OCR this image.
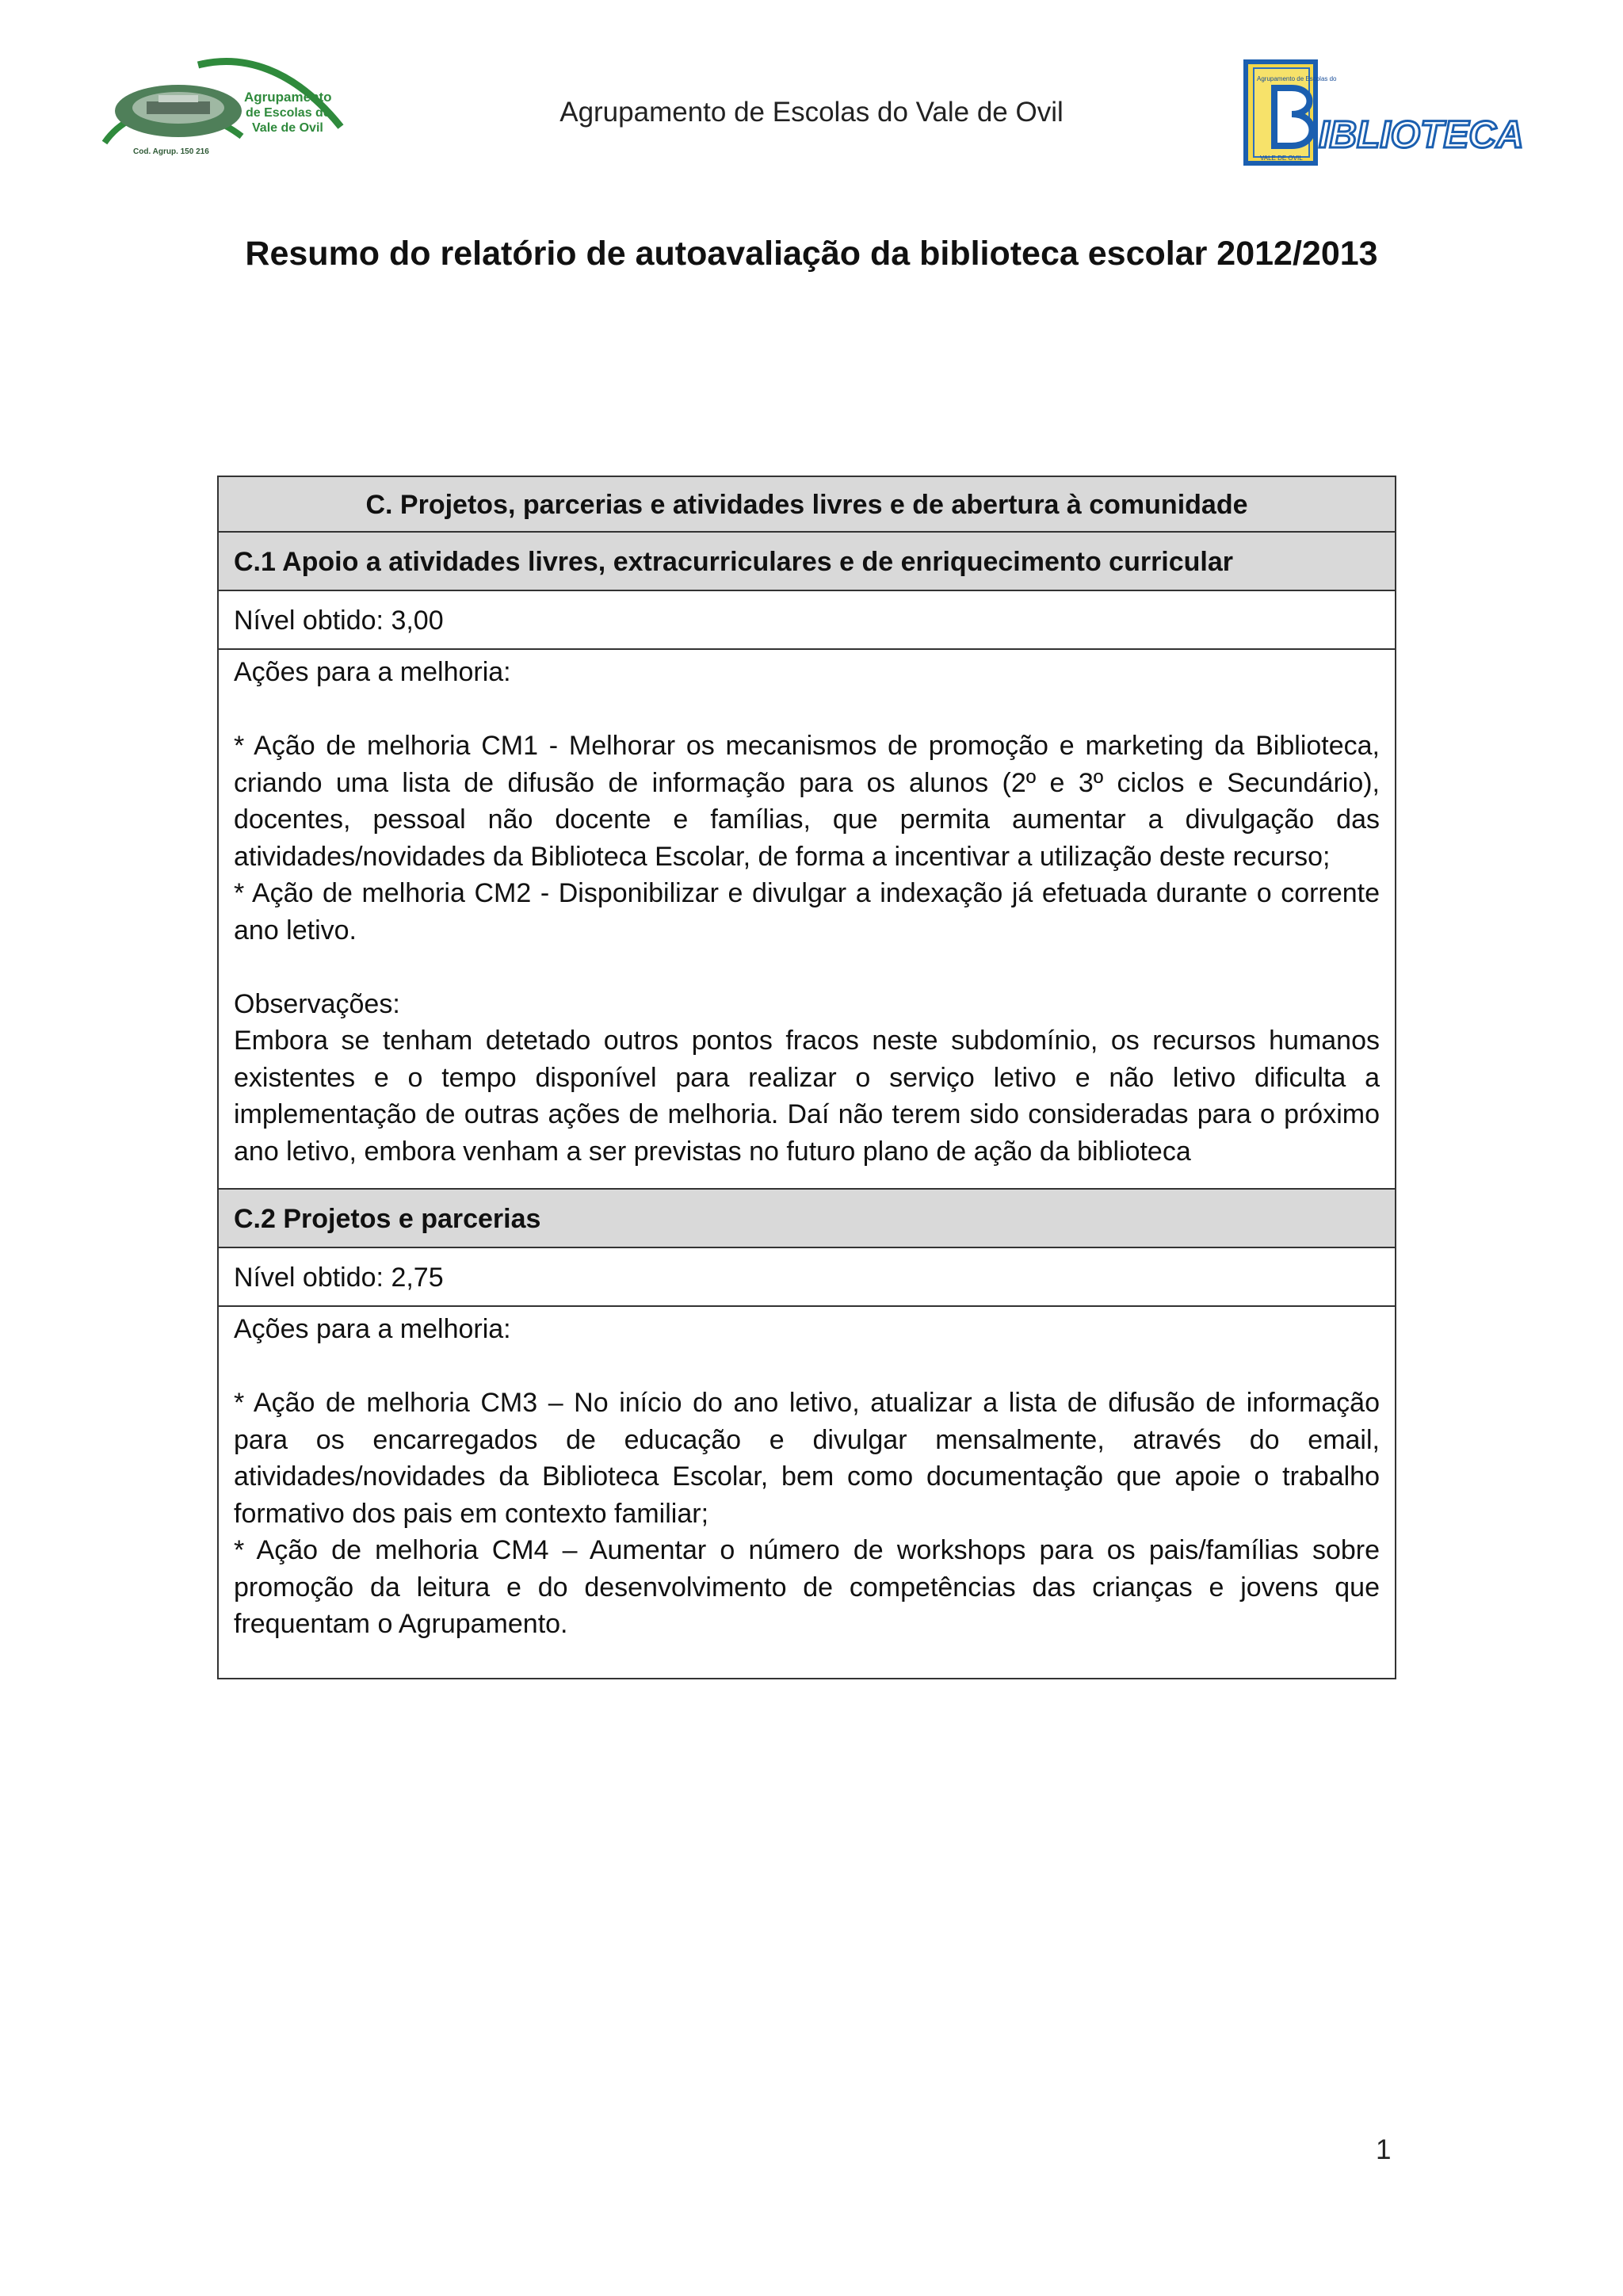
Agrupamento
de Escolas de
Vale de Ovil
Cod. Agrup. 150 216
Agrupamento de Escolas do Vale de Ovil
Agrupamento de Escolas do
VALE DE OVIL
IBLIOTECA
Resumo do relatório de autoavaliação da biblioteca escolar 2012/2013
C. Projetos, parcerias e atividades livres e de abertura à comunidade
C.1 Apoio a atividades livres, extracurriculares e de enriquecimento curricular
Nível obtido: 3,00

Ações para a melhoria:

* Ação de melhoria CM1 - Melhorar os mecanismos de promoção e marketing da Biblioteca, criando uma lista de difusão de informação para os alunos (2º e 3º ciclos e Secundário), docentes, pessoal não docente e famílias, que permita aumentar a divulgação das atividades/novidades da Biblioteca Escolar, de forma a incentivar a utilização deste recurso;

* Ação de melhoria CM2 - Disponibilizar e divulgar a indexação já efetuada durante o corrente ano letivo.

Observações:

Embora se tenham detetado outros pontos fracos neste subdomínio, os recursos humanos existentes e o tempo disponível para realizar o serviço letivo e não letivo dificulta a implementação de outras ações de melhoria. Daí não terem sido consideradas para o próximo ano letivo, embora venham a ser previstas no futuro plano de ação da biblioteca

C.2 Projetos e parcerias
Nível obtido: 2,75

Ações para a melhoria:

* Ação de melhoria CM3 – No início do ano letivo, atualizar a lista de difusão de informação para os encarregados de educação e divulgar mensalmente, através do email, atividades/novidades da Biblioteca Escolar, bem como documentação que apoie o trabalho formativo dos pais em contexto familiar;

* Ação de melhoria CM4 – Aumentar o número de workshops para os pais/famílias sobre promoção da leitura e do desenvolvimento de competências das crianças e jovens que frequentam o Agrupamento.

1
